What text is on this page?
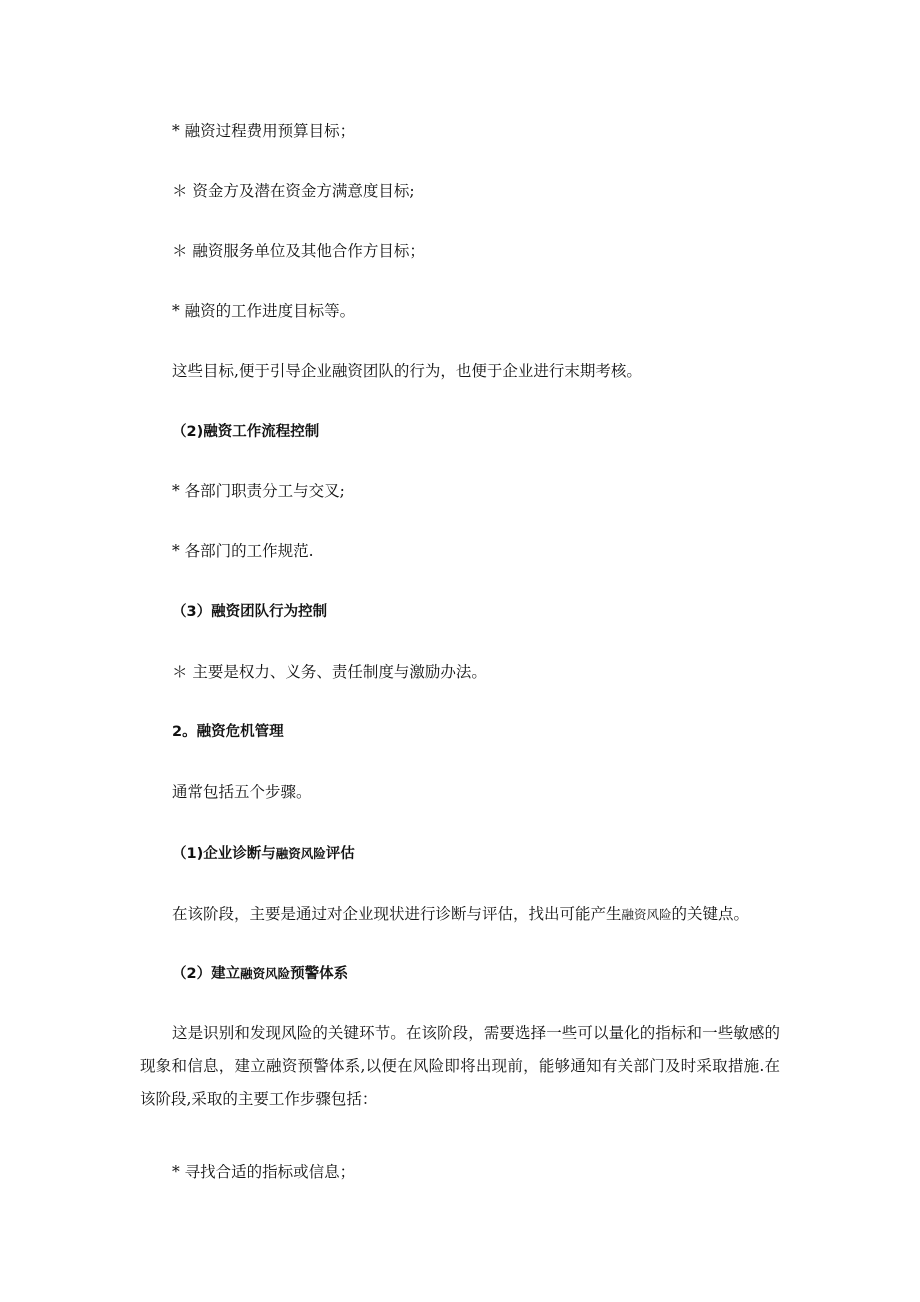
* 融资过程费用预算目标；
＊ 资金方及潜在资金方满意度目标;
＊ 融资服务单位及其他合作方目标；
* 融资的工作进度目标等。
这些目标,便于引导企业融资团队的行为，也便于企业进行末期考核。
（2)融资工作流程控制
* 各部门职责分工与交叉;
* 各部门的工作规范.
（3）融资团队行为控制
＊ 主要是权力、义务、责任制度与激励办法。
2。融资危机管理
通常包括五个步骤。
（1)企业诊断与融资风险评估
在该阶段，主要是通过对企业现状进行诊断与评估，找出可能产生融资风险的关键点。
（2）建立融资风险预警体系
这是识别和发现风险的关键环节。在该阶段，需要选择一些可以量化的指标和一些敏感的现象和信息，建立融资预警体系,以便在风险即将出现前，能够通知有关部门及时采取措施.在该阶段,采取的主要工作步骤包括：
* 寻找合适的指标或信息；
